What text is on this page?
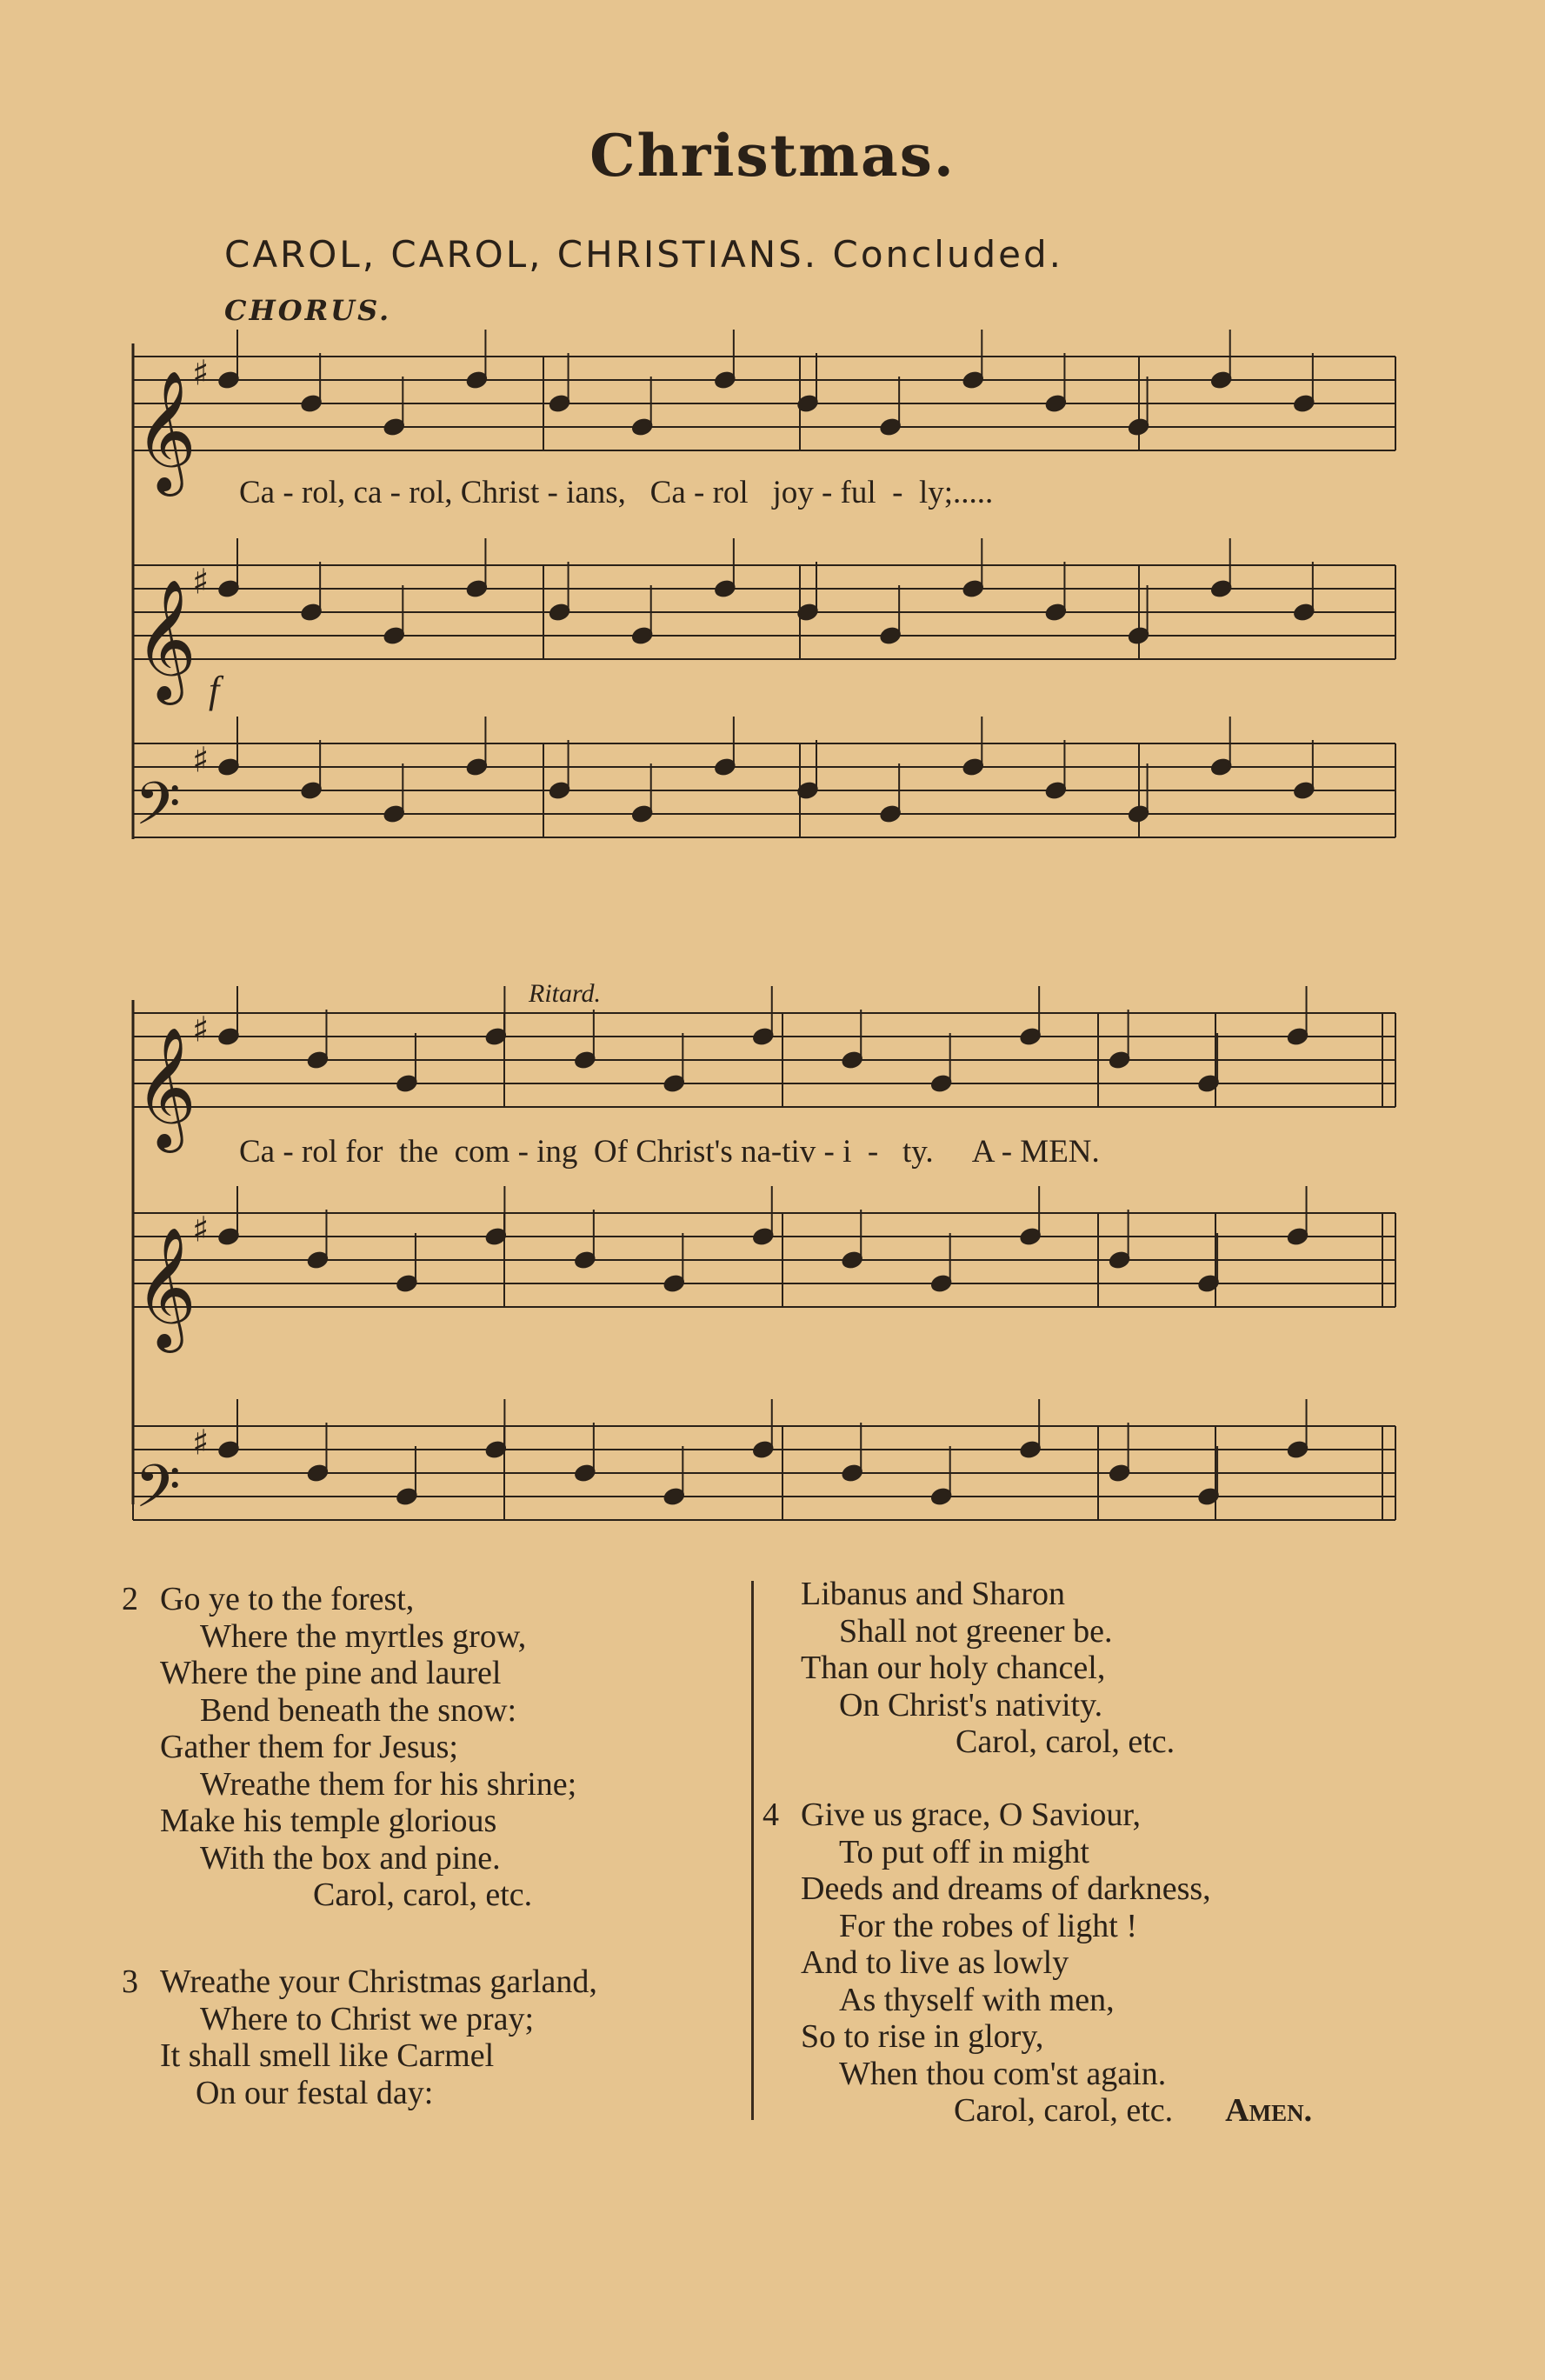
Christmas.
CAROL, CAROL, CHRISTIANS. Concluded.
CHORUS.
𝄞
♯
𝄞
♯
𝄢
♯
𝄞
♯
𝄞
♯
𝄢
♯
Ca - rol, ca - rol, Christ - ians,   Ca - rol   joy - ful  -  ly;.....
f
Ritard.
Ca - rol for  the  com - ing  Of Christ's na-tiv - i  -   ty.     A - MEN.
2 Go ye to the forest,
Where the myrtles grow,
Where the pine and laurel
Bend beneath the snow:
Gather them for Jesus;
Wreathe them for his shrine;
Make his temple glorious
With the box and pine.
Carol, carol, etc.
3 Wreathe your Christmas garland,
Where to Christ we pray;
It shall smell like Carmel
On our festal day:
Libanus and Sharon
Shall not greener be.
Than our holy chancel,
On Christ's nativity.
Carol, carol, etc.
4 Give us grace, O Saviour,
To put off in might
Deeds and dreams of darkness,
For the robes of light !
And to live as lowly
As thyself with men,
So to rise in glory,
When thou com'st again.
Carol, carol, etc. Amen.
